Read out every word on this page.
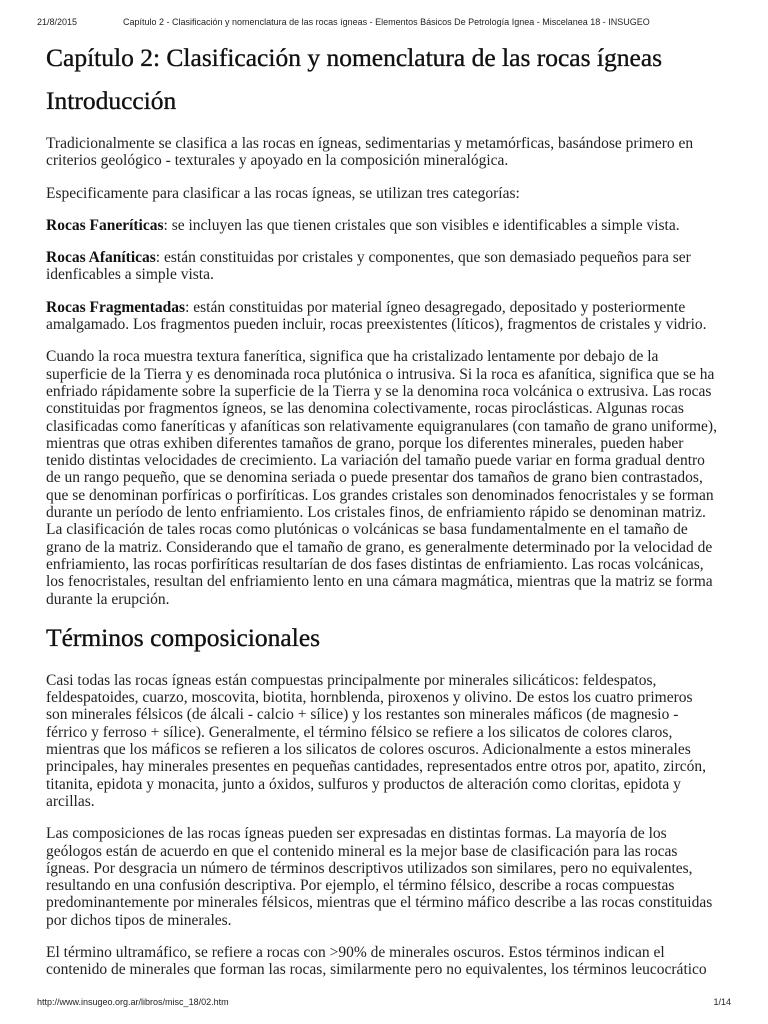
21/8/2015	Capítulo 2 - Clasificación y nomenclatura de las rocas ígneas - Elementos Básicos De Petrología Ignea - Miscelanea 18 - INSUGEO
Capítulo 2: Clasificación y nomenclatura de las rocas ígneas
Introducción

Tradicionalmente se clasifica a las rocas en ígneas, sedimentarias y metamórficas, basándose primero en
criterios geológico - texturales y apoyado en la composición mineralógica.

Especificamente para clasificar a las rocas ígneas, se utilizan tres categorías:

Rocas Faneríticas: se incluyen las que tienen cristales que son visibles e identificables a simple vista.

Rocas Afaníticas: están constituidas por cristales y componentes, que son demasiado pequeños para ser
idenficables a simple vista.

Rocas Fragmentadas: están constituidas por material ígneo desagregado, depositado y posteriormente
amalgamado. Los fragmentos pueden incluir, rocas preexistentes (líticos), fragmentos de cristales y vidrio.

Cuando la roca muestra textura fanerítica, significa que ha cristalizado lentamente por debajo de la
superficie de la Tierra y es denominada roca plutónica o intrusiva. Si la roca es afanítica, significa que se ha
enfriado rápidamente sobre la superficie de la Tierra y se la denomina roca volcánica o extrusiva. Las rocas
constituidas por fragmentos ígneos, se las denomina colectivamente, rocas piroclásticas. Algunas rocas
clasificadas como faneríticas y afaníticas son relativamente equigranulares (con tamaño de grano uniforme),
mientras que otras exhiben diferentes tamaños de grano, porque los diferentes minerales, pueden haber
tenido distintas velocidades de crecimiento. La variación del tamaño puede variar en forma gradual dentro
de un rango pequeño, que se denomina seriada o puede presentar dos tamaños de grano bien contrastados,
que se denominan porfíricas o porfiríticas. Los grandes cristales son denominados fenocristales y se forman
durante un período de lento enfriamiento. Los cristales finos, de enfriamiento rápido se denominan matriz.
La clasificación de tales rocas como plutónicas o volcánicas se basa fundamentalmente en el tamaño de
grano de la matriz. Considerando que el tamaño de grano, es generalmente determinado por la velocidad de
enfriamiento, las rocas porfiríticas resultarían de dos fases distintas de enfriamiento. Las rocas volcánicas,
los fenocristales, resultan del enfriamiento lento en una cámara magmática, mientras que la matriz se forma
durante la erupción.

Términos composicionales

Casi todas las rocas ígneas están compuestas principalmente por minerales silicáticos: feldespatos,
feldespatoides, cuarzo, moscovita, biotita, hornblenda, piroxenos y olivino. De estos los cuatro primeros
son minerales félsicos (de álcali - calcio + sílice) y los restantes son minerales máficos (de magnesio -
férrico y ferroso + sílice). Generalmente, el término félsico se refiere a los silicatos de colores claros,
mientras que los máficos se refieren a los silicatos de colores oscuros. Adicionalmente a estos minerales
principales, hay minerales presentes en pequeñas cantidades, representados entre otros por, apatito, zircón,
titanita, epidota y monacita, junto a óxidos, sulfuros y productos de alteración como cloritas, epidota y
arcillas.

Las composiciones de las rocas ígneas pueden ser expresadas en distintas formas. La mayoría de los
geólogos están de acuerdo en que el contenido mineral es la mejor base de clasificación para las rocas
ígneas. Por desgracia un número de términos descriptivos utilizados son similares, pero no equivalentes,
resultando en una confusión descriptiva. Por ejemplo, el término félsico, describe a rocas compuestas
predominantemente por minerales félsicos, mientras que el término máfico describe a las rocas constituidas
por dichos tipos de minerales.

El término ultramáfico, se refiere a rocas con >90% de minerales oscuros. Estos términos indican el
contenido de minerales que forman las rocas, similarmente pero no equivalentes, los términos leucocrático

http://www.insugeo.org.ar/libros/misc_18/02.htm	1/14
